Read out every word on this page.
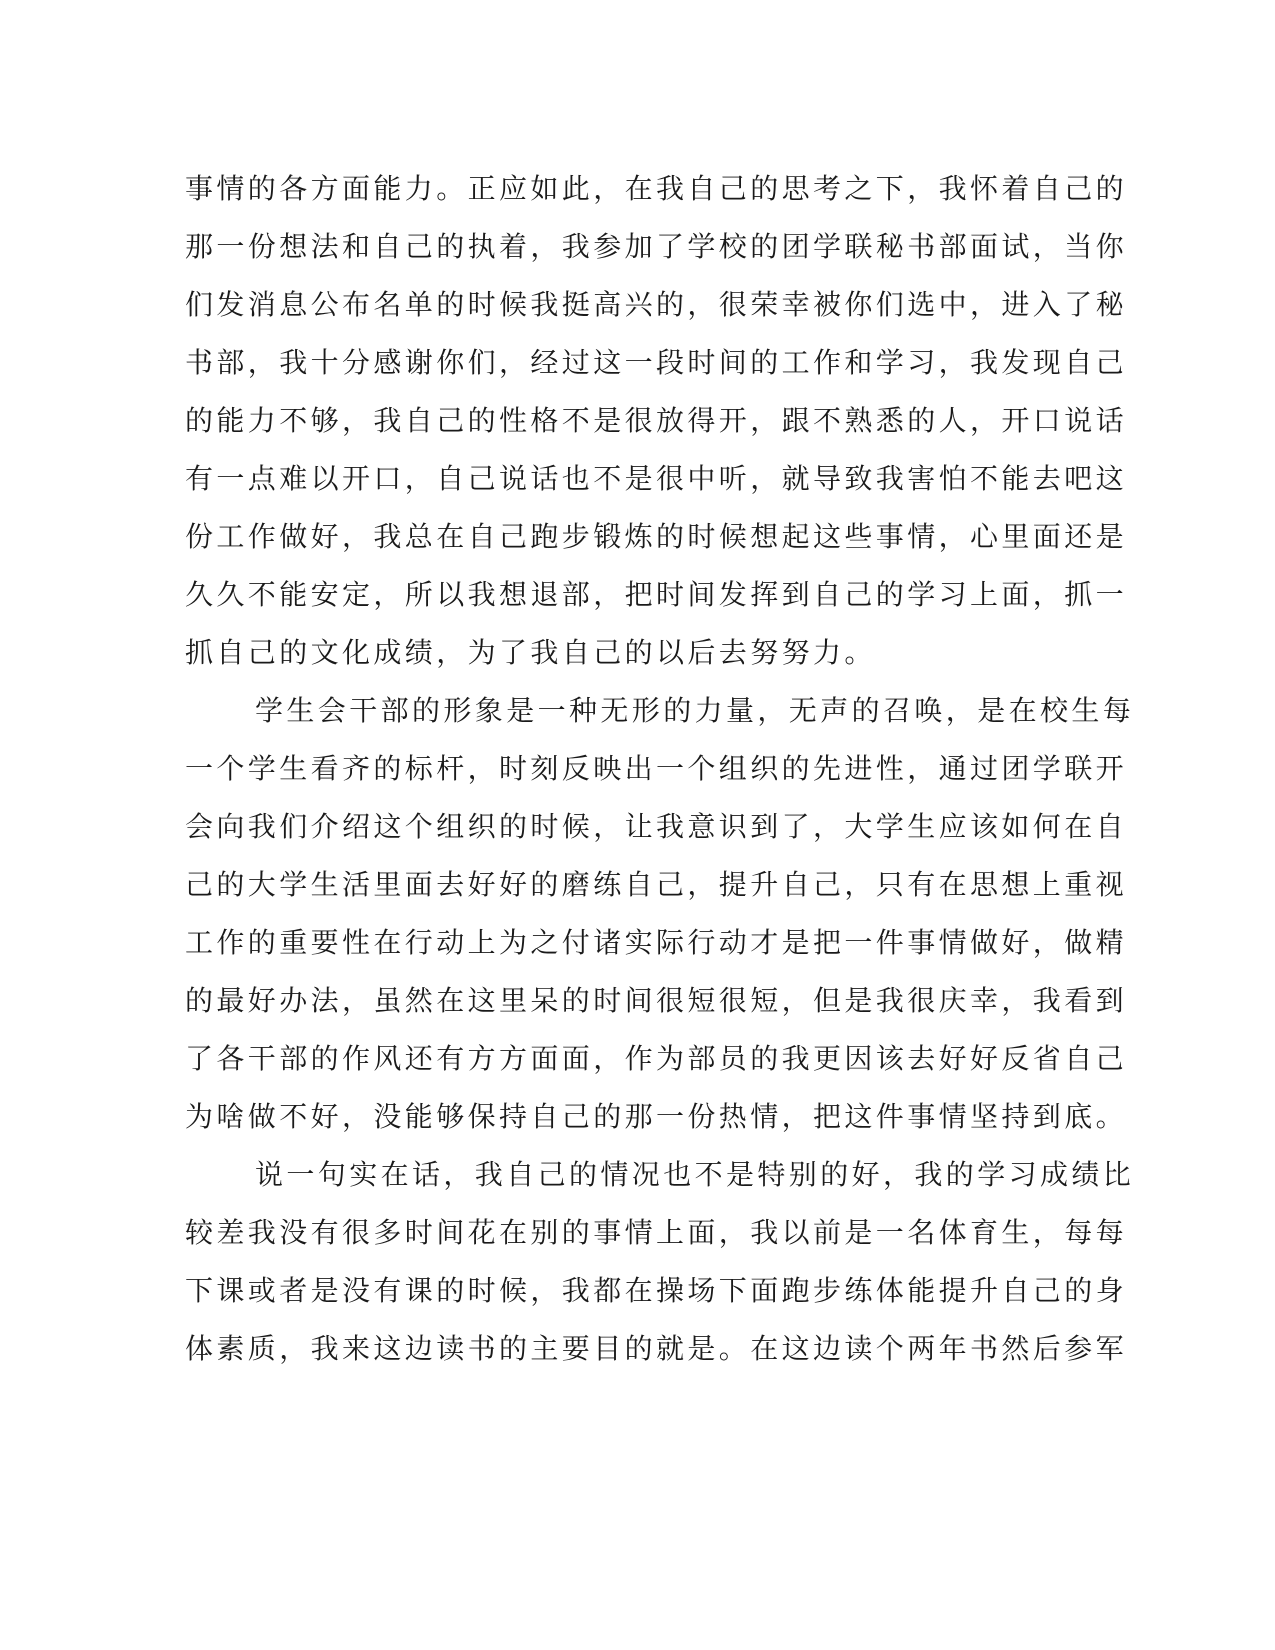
事情的各方面能力。正应如此，在我自己的思考之下，我怀着自己的
那一份想法和自己的执着，我参加了学校的团学联秘书部面试，当你
们发消息公布名单的时候我挺高兴的，很荣幸被你们选中，进入了秘
书部，我十分感谢你们，经过这一段时间的工作和学习，我发现自己
的能力不够，我自己的性格不是很放得开，跟不熟悉的人，开口说话
有一点难以开口，自己说话也不是很中听，就导致我害怕不能去吧这
份工作做好，我总在自己跑步锻炼的时候想起这些事情，心里面还是
久久不能安定，所以我想退部，把时间发挥到自己的学习上面，抓一
抓自己的文化成绩，为了我自己的以后去努努力。
学生会干部的形象是一种无形的力量，无声的召唤，是在校生每
一个学生看齐的标杆，时刻反映出一个组织的先进性，通过团学联开
会向我们介绍这个组织的时候，让我意识到了，大学生应该如何在自
己的大学生活里面去好好的磨练自己，提升自己，只有在思想上重视
工作的重要性在行动上为之付诸实际行动才是把一件事情做好，做精
的最好办法，虽然在这里呆的时间很短很短，但是我很庆幸，我看到
了各干部的作风还有方方面面，作为部员的我更因该去好好反省自己
为啥做不好，没能够保持自己的那一份热情，把这件事情坚持到底。
说一句实在话，我自己的情况也不是特别的好，我的学习成绩比
较差我没有很多时间花在别的事情上面，我以前是一名体育生，每每
下课或者是没有课的时候，我都在操场下面跑步练体能提升自己的身
体素质，我来这边读书的主要目的就是。在这边读个两年书然后参军
